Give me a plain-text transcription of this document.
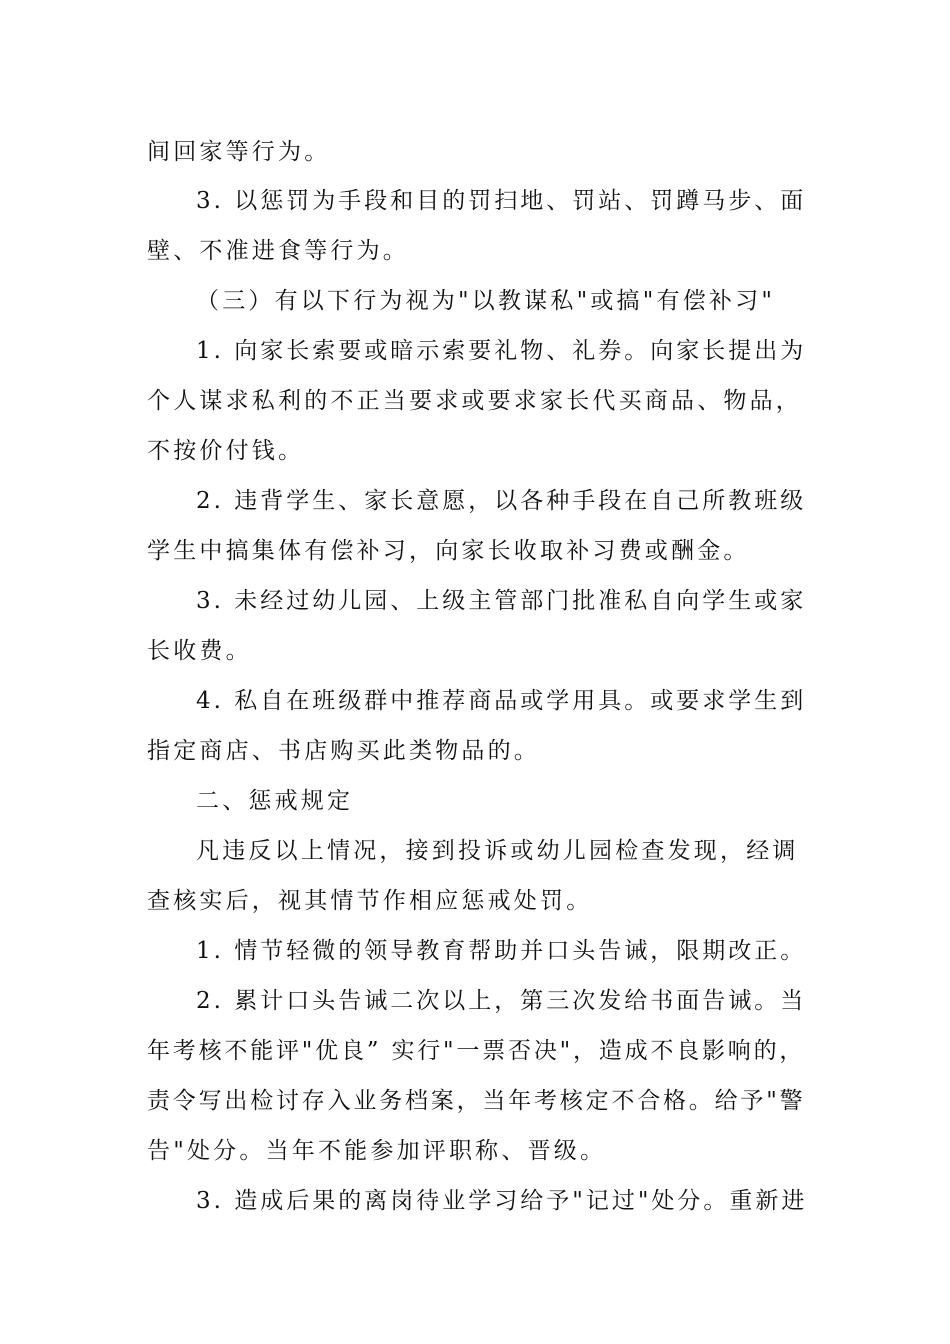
间回家等行为。

3. 以惩罚为手段和目的罚扫地、罚站、罚蹲马步、面

壁、不准进食等行为。

（三）有以下行为视为"以教谋私"或搞"有偿补习"

1. 向家长索要或暗示索要礼物、礼券。向家长提出为

个人谋求私利的不正当要求或要求家长代买商品、物品，

不按价付钱。

2. 违背学生、家长意愿，以各种手段在自己所教班级

学生中搞集体有偿补习，向家长收取补习费或酬金。

3. 未经过幼儿园、上级主管部门批准私自向学生或家

长收费。

4. 私自在班级群中推荐商品或学用具。或要求学生到

指定商店、书店购买此类物品的。

二、惩戒规定

凡违反以上情况，接到投诉或幼儿园检查发现，经调

查核实后，视其情节作相应惩戒处罚。

1. 情节轻微的领导教育帮助并口头告诫，限期改正。

2. 累计口头告诫二次以上，第三次发给书面告诫。当

年考核不能评"优良” 实行"一票否决"，造成不良影响的，

责令写出检讨存入业务档案，当年考核定不合格。给予"警

告"处分。当年不能参加评职称、晋级。

3. 造成后果的离岗待业学习给予"记过"处分。重新进
